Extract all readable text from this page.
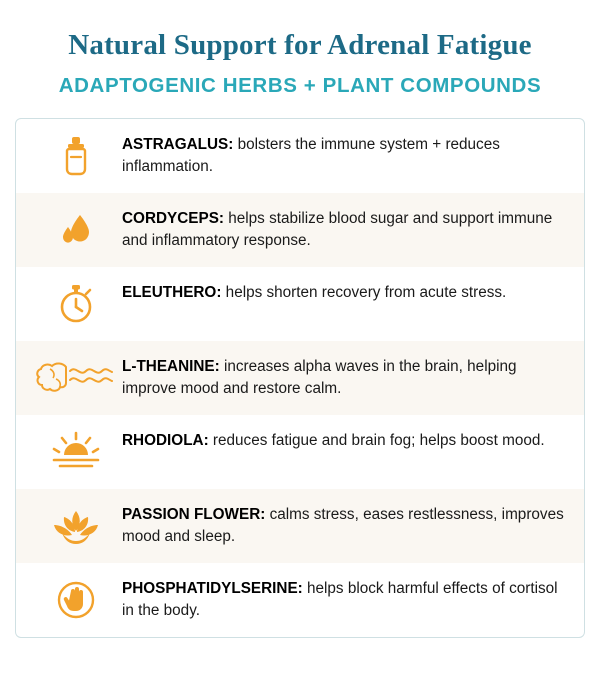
Natural Support for Adrenal Fatigue
ADAPTOGENIC HERBS + PLANT COMPOUNDS
ASTRAGALUS: bolsters the immune system + reduces inflammation.
CORDYCEPS: helps stabilize blood sugar and support immune and inflammatory response.
ELEUTHERO: helps shorten recovery from acute stress.
L-THEANINE: increases alpha waves in the brain, helping improve mood and restore calm.
RHODIOLA: reduces fatigue and brain fog; helps boost mood.
PASSION FLOWER: calms stress, eases restlessness, improves mood and sleep.
PHOSPHATIDYLSERINE: helps block harmful effects of cortisol in the body.
